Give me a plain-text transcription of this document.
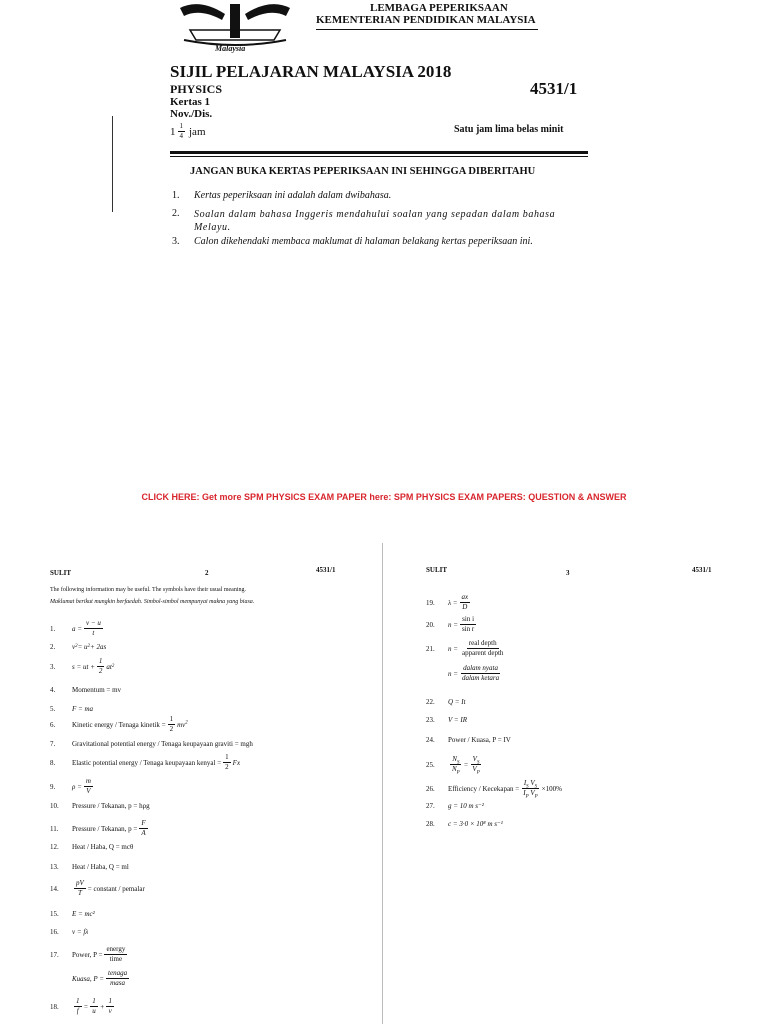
Malaysia
LEMBAGA PEPERIKSAAN
KEMENTERIAN PENDIDIKAN MALAYSIA
SIJIL PELAJARAN MALAYSIA 2018
PHYSICS	4531/1
Kertas 1
Nov./Dis.
$1 \frac{1}{4}$ jam	Satu jam lima belas minit
JANGAN BUKA KERTAS PEPERIKSAAN INI SEHINGGA DIBERITAHU
1. Kertas peperiksaan ini adalah dalam dwibahasa.
2. Soalan dalam bahasa Inggeris mendahului soalan yang sepadan dalam bahasa Melayu.
3. Calon dikehendaki membaca maklumat di halaman belakang kertas peperiksaan ini.
CLICK HERE: Get more SPM PHYSICS EXAM PAPER here: SPM PHYSICS EXAM PAPERS: QUESTION & ANSWER
SULIT	2	4531/1
The following information may be useful. The symbols have their usual meaning.
Maklumat berikut mungkin berfaedah. Simbol-simbol mempunyai makna yang biasa.
1.	$a = \frac{v - u}{t}$
2.	v 2 = u 2 + 2as
3.	s = ut + $\frac{1}{2}$ at 2
4.	Momentum = mv
5.	F = ma
6.	Kinetic energy / Tenaga kinetik = $\frac{1}{2} mv^2$
7.	Gravitational potential energy / Tenaga keupayaan graviti = mgh
8.	Elastic potential energy / Tenaga keupayaan kenyal = $\frac{1}{2}$ Fx
9.	$\rho = \frac{m}{V}$
10.	Pressure / Tekanan, p = hρg
11.	Pressure / Tekanan, $p = \frac{F}{A}$
12.	Heat / Haba, Q = mcθ
13.	Heat / Haba, Q = ml
14.	$\frac{pV}{T}$ = constant / pemalar
15.	E = mc²
16.	v = fλ
17.	Power, $P = \frac{\text{energy}}{\text{time}}$
Kuasa, $P = \frac{\text{tenaga}}{\text{masa}}$
18.	$\frac{1}{f} = \frac{1}{u} + \frac{1}{v}$
SULIT	3	4531/1
19.	$\lambda = \frac{ax}{D}$
20.	$n = \frac{\text{sin i}}{\text{sin r}}$
21.	$n = \frac{\text{real depth}}{\text{apparent depth}}$
$n = \frac{\text{dalam nyata}}{\text{dalam ketara}}$
22.	Q = It
23.	V = IR
24.	Power / Kuasa, P = IV
25.	$\frac{N_S}{N_P} = \frac{V_S}{V_P}$
26.	Efficiency / Kecekapan = $\frac{I_S V_S}{I_P V_P} \times 100\%$
27.	g = 10 m s⁻²
28.	c = 3·0 × 10⁸ m s⁻¹
